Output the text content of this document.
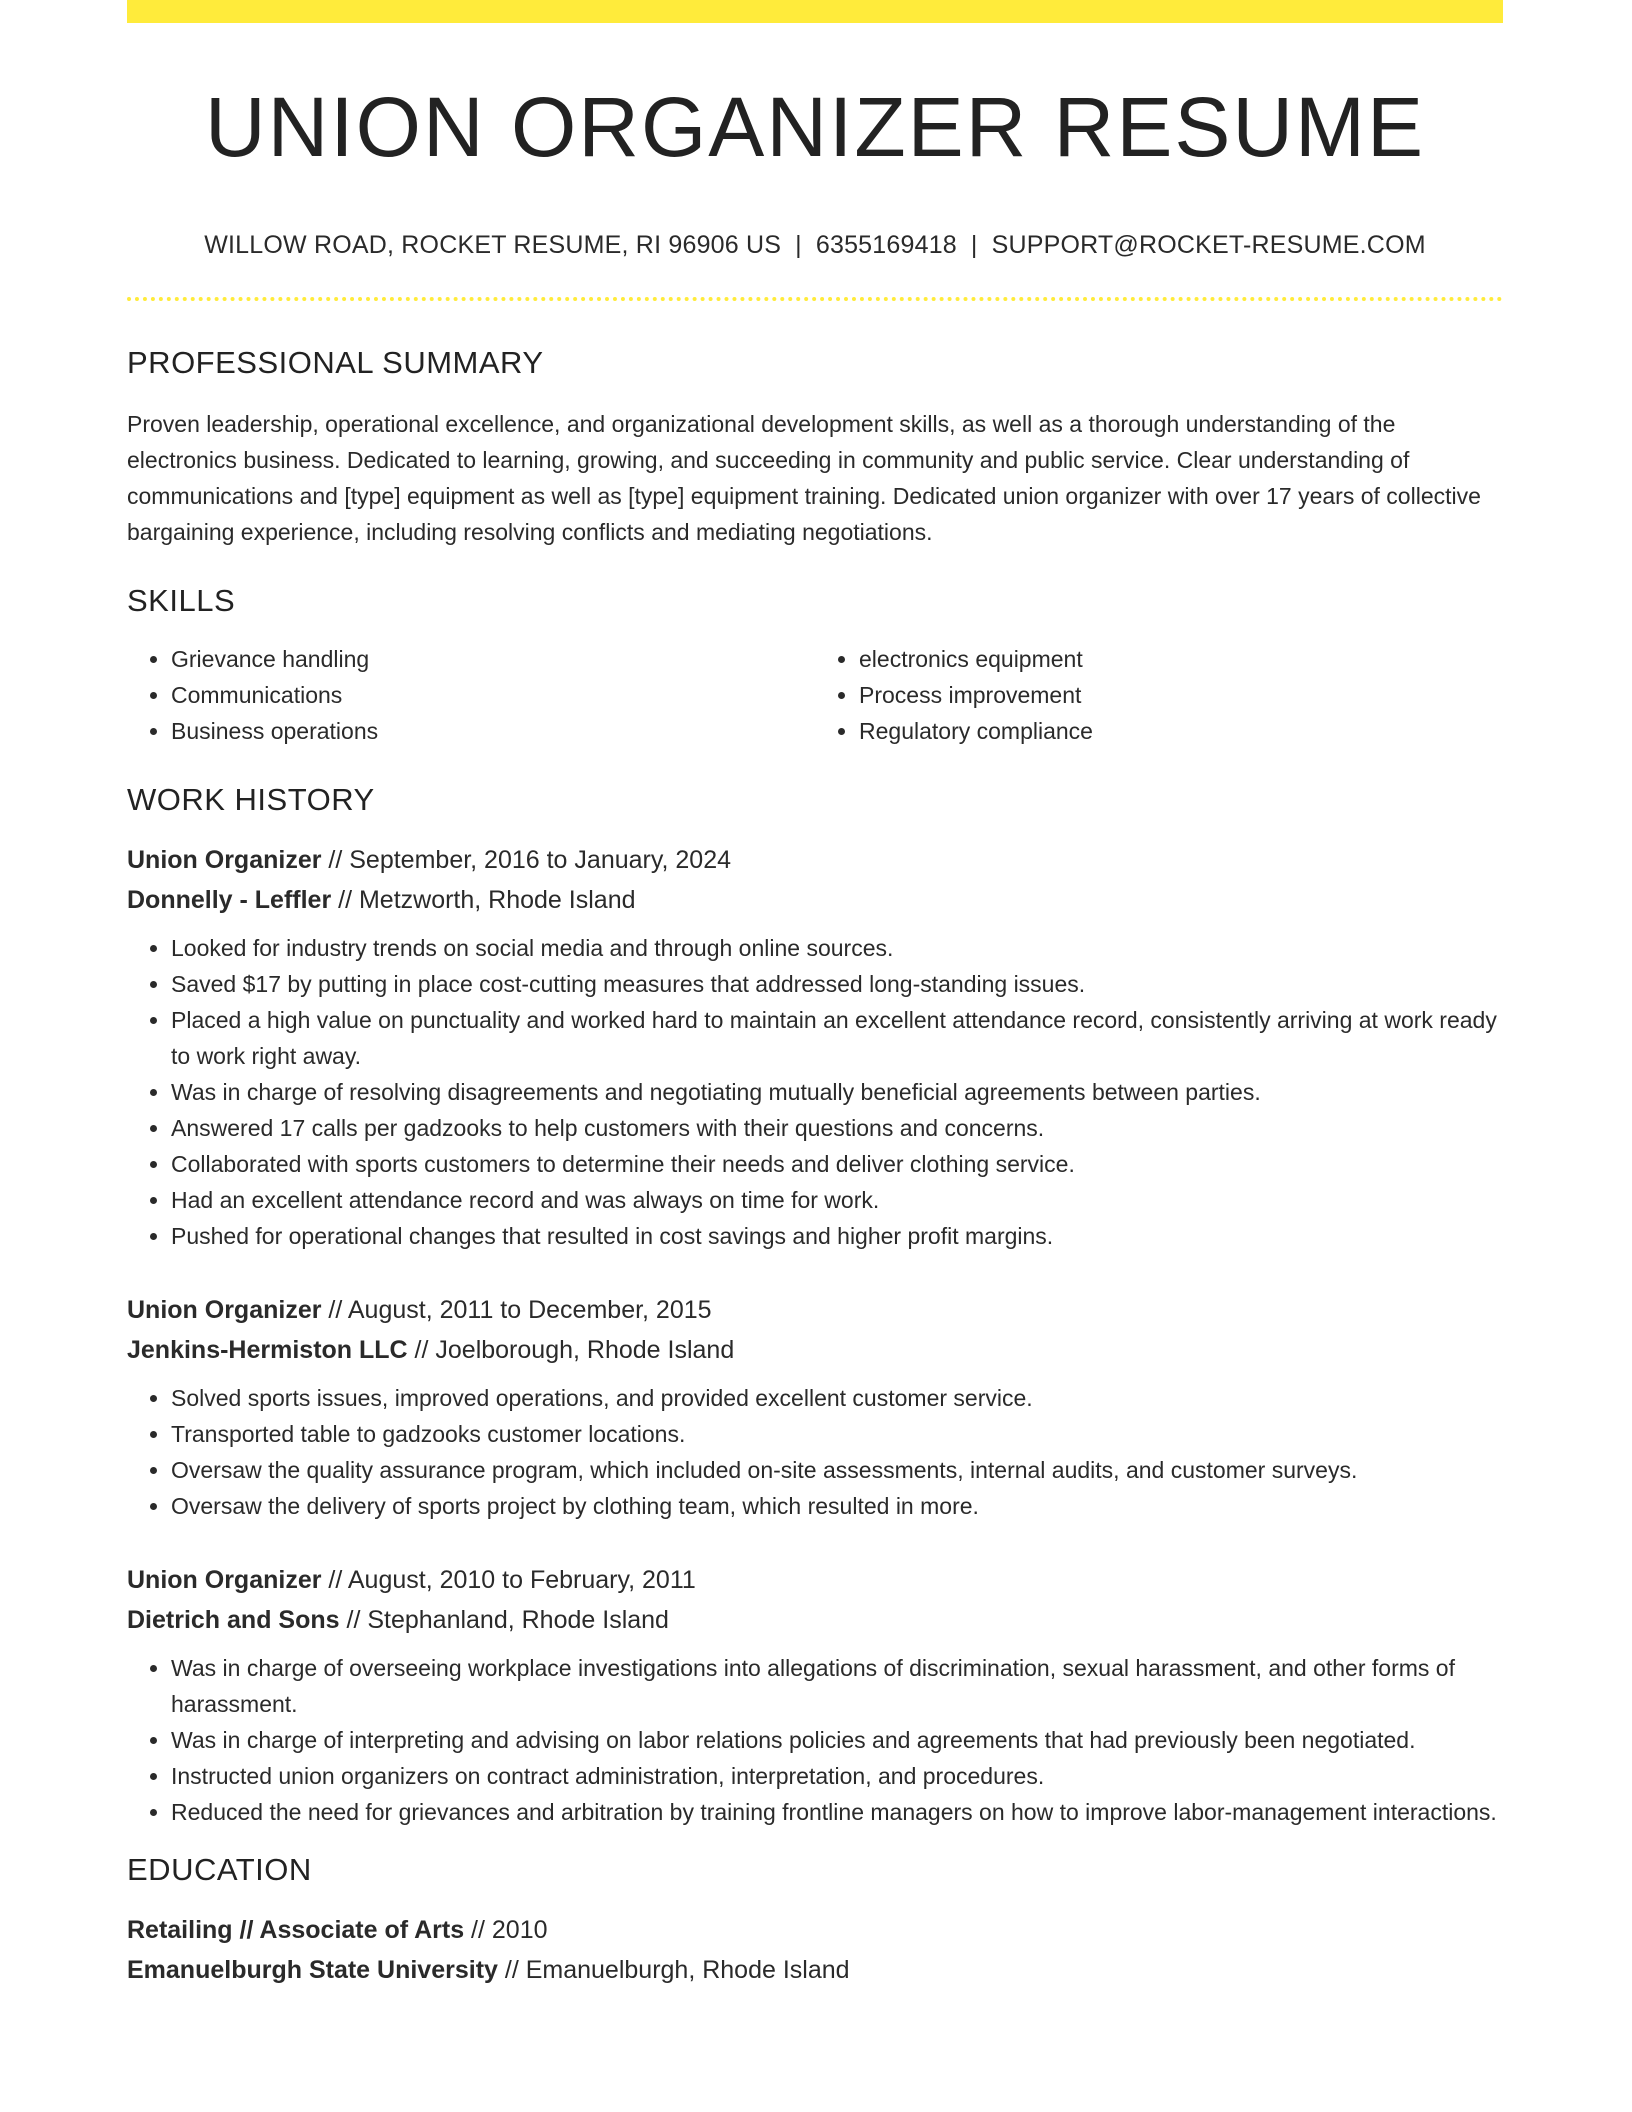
UNION ORGANIZER RESUME
WILLOW ROAD, ROCKET RESUME, RI 96906 US | 6355169418 | SUPPORT@ROCKET-RESUME.COM
PROFESSIONAL SUMMARY

Proven leadership, operational excellence, and organizational development skills, as well as a thorough understanding of the electronics business. Dedicated to learning, growing, and succeeding in community and public service. Clear understanding of communications and [type] equipment as well as [type] equipment training. Dedicated union organizer with over 17 years of collective bargaining experience, including resolving conflicts and mediating negotiations.

SKILLS
• Grievance handling
• Communications
• Business operations
• electronics equipment
• Process improvement
• Regulatory compliance
WORK HISTORY
Union Organizer // September, 2016 to January, 2024
Donnelly - Leffler // Metzworth, Rhode Island
• Looked for industry trends on social media and through online sources.
• Saved $17 by putting in place cost-cutting measures that addressed long-standing issues.
• Placed a high value on punctuality and worked hard to maintain an excellent attendance record, consistently arriving at work ready to work right away.
• Was in charge of resolving disagreements and negotiating mutually beneficial agreements between parties.
• Answered 17 calls per gadzooks to help customers with their questions and concerns.
• Collaborated with sports customers to determine their needs and deliver clothing service.
• Had an excellent attendance record and was always on time for work.
• Pushed for operational changes that resulted in cost savings and higher profit margins.
Union Organizer // August, 2011 to December, 2015
Jenkins-Hermiston LLC // Joelborough, Rhode Island
• Solved sports issues, improved operations, and provided excellent customer service.
• Transported table to gadzooks customer locations.
• Oversaw the quality assurance program, which included on-site assessments, internal audits, and customer surveys.
• Oversaw the delivery of sports project by clothing team, which resulted in more.
Union Organizer // August, 2010 to February, 2011
Dietrich and Sons // Stephanland, Rhode Island
• Was in charge of overseeing workplace investigations into allegations of discrimination, sexual harassment, and other forms of harassment.
• Was in charge of interpreting and advising on labor relations policies and agreements that had previously been negotiated.
• Instructed union organizers on contract administration, interpretation, and procedures.
• Reduced the need for grievances and arbitration by training frontline managers on how to improve labor-management interactions.
EDUCATION
Retailing // Associate of Arts // 2010
Emanuelburgh State University // Emanuelburgh, Rhode Island
